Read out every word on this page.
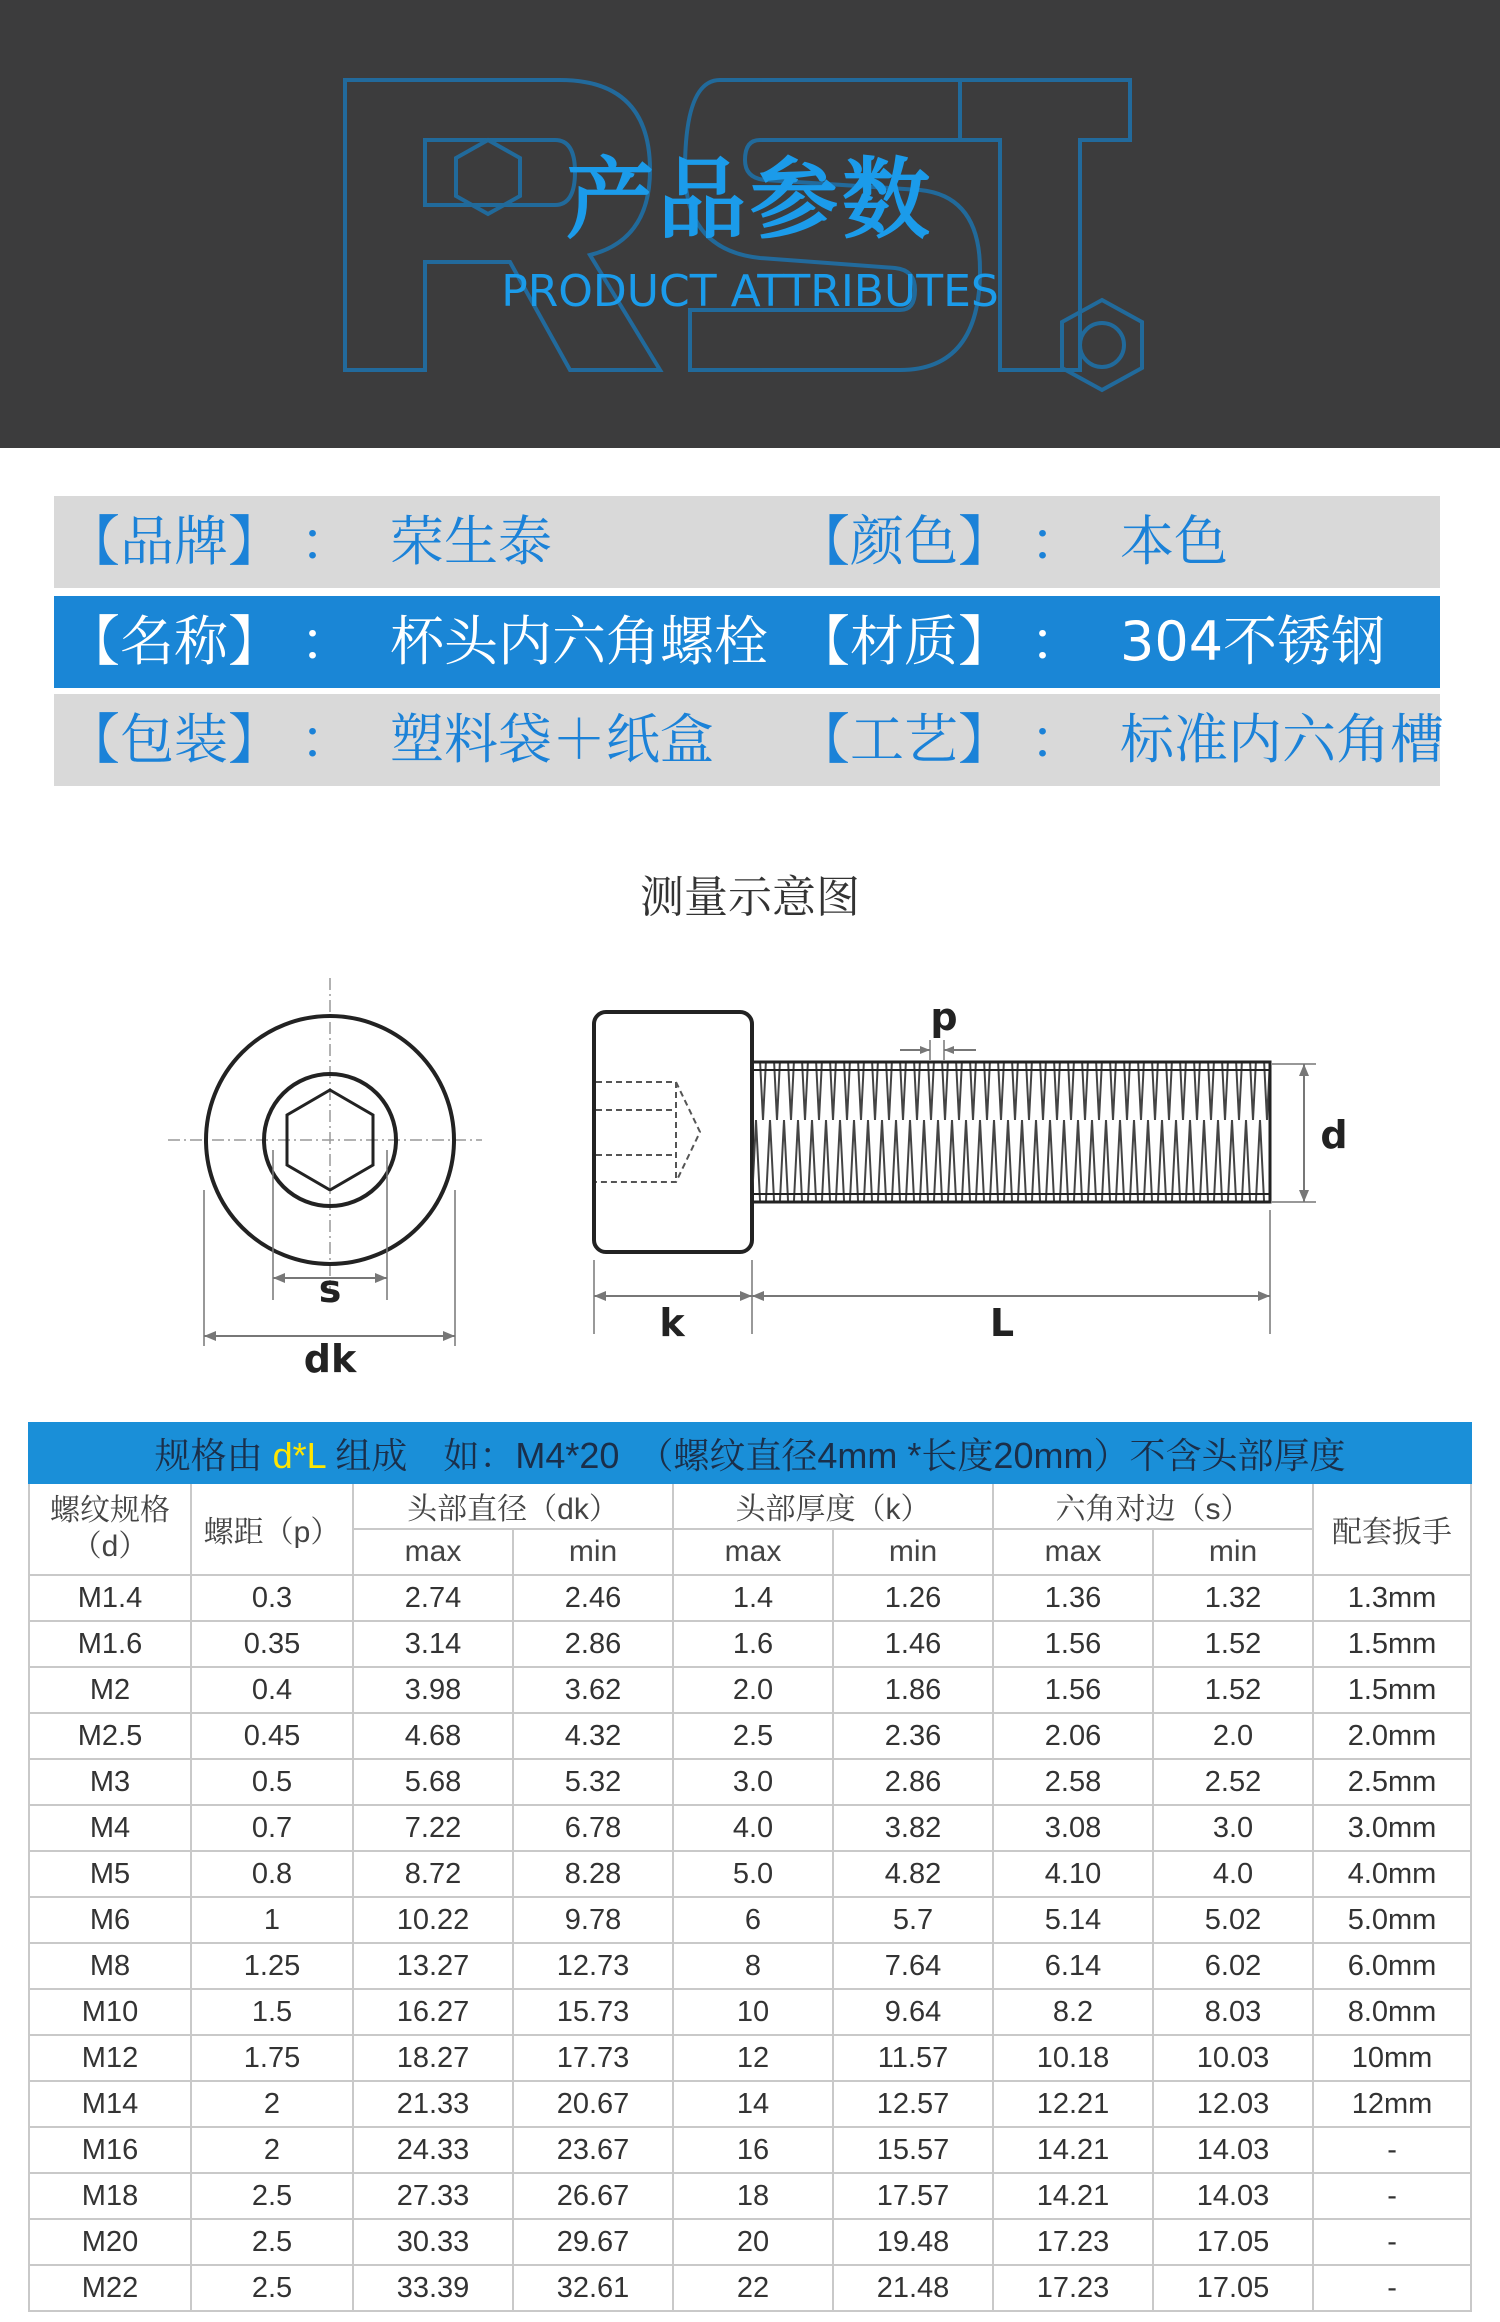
产品参数
PRODUCT ATTRIBUTES
【品牌】 ： 荣生泰	【颜色】 ： 本色
【名称】 ： 杯头内六角螺栓 【材质】 ： 304不锈钢
【包装】 ： 塑料袋＋纸盒 【工艺】 ： 标准内六角槽
测量示意图
s
dk
p
d
k	L
规格由 d*L 组成　如：M4*20　（螺纹直径4mm *长度20mm）不含头部厚度								
螺纹规格
（d）	螺距（p）	头部直径（dk）		头部厚度（k）		六角对边（s）		配套扳手
		max	min	max	min	max	min	
M1.4	0.3	2.74	2.46	1.4	1.26	1.36	1.32	1.3mm
M1.6	0.35	3.14	2.86	1.6	1.46	1.56	1.52	1.5mm
M2	0.4	3.98	3.62	2.0	1.86	1.56	1.52	1.5mm
M2.5	0.45	4.68	4.32	2.5	2.36	2.06	2.0	2.0mm
M3	0.5	5.68	5.32	3.0	2.86	2.58	2.52	2.5mm
M4	0.7	7.22	6.78	4.0	3.82	3.08	3.0	3.0mm
M5	0.8	8.72	8.28	5.0	4.82	4.10	4.0	4.0mm
M6	1	10.22	9.78	6	5.7	5.14	5.02	5.0mm
M8	1.25	13.27	12.73	8	7.64	6.14	6.02	6.0mm
M10	1.5	16.27	15.73	10	9.64	8.2	8.03	8.0mm
M12	1.75	18.27	17.73	12	11.57	10.18	10.03	10mm
M14	2	21.33	20.67	14	12.57	12.21	12.03	12mm
M16	2	24.33	23.67	16	15.57	14.21	14.03	-
M18	2.5	27.33	26.67	18	17.57	14.21	14.03	-
M20	2.5	30.33	29.67	20	19.48	17.23	17.05	-
M22	2.5	33.39	32.61	22	21.48	17.23	17.05	-
